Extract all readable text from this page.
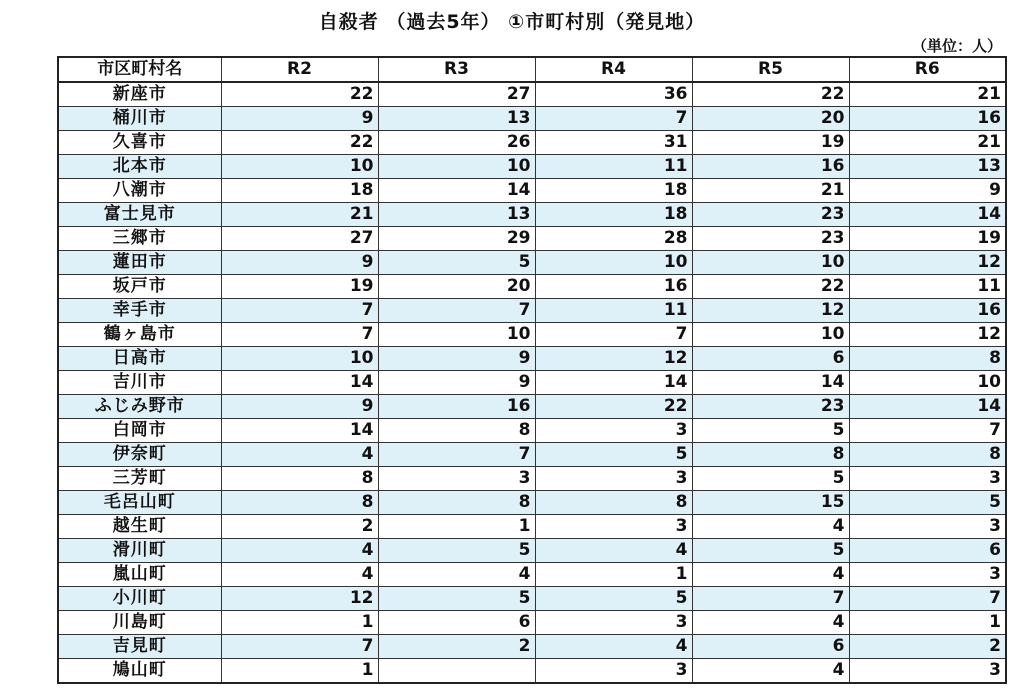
自殺者 （過去5年） ①市町村別（発見地）
（単位：人）
市区町村名	R2	R3	R4	R5	R6
新座市	22	27	36	22	21
桶川市	9	13	7	20	16
久喜市	22	26	31	19	21
北本市	10	10	11	16	13
八潮市	18	14	18	21	9
富士見市	21	13	18	23	14
三郷市	27	29	28	23	19
蓮田市	9	5	10	10	12
坂戸市	19	20	16	22	11
幸手市	7	7	11	12	16
鶴ヶ島市	7	10	7	10	12
日高市	10	9	12	6	8
吉川市	14	9	14	14	10
ふじみ野市	9	16	22	23	14
白岡市	14	8	3	5	7
伊奈町	4	7	5	8	8
三芳町	8	3	3	5	3
毛呂山町	8	8	8	15	5
越生町	2	1	3	4	3
滑川町	4	5	4	5	6
嵐山町	4	4	1	4	3
小川町	12	5	5	7	7
川島町	1	6	3	4	1
吉見町	7	2	4	6	2
鳩山町	1		3	4	3
